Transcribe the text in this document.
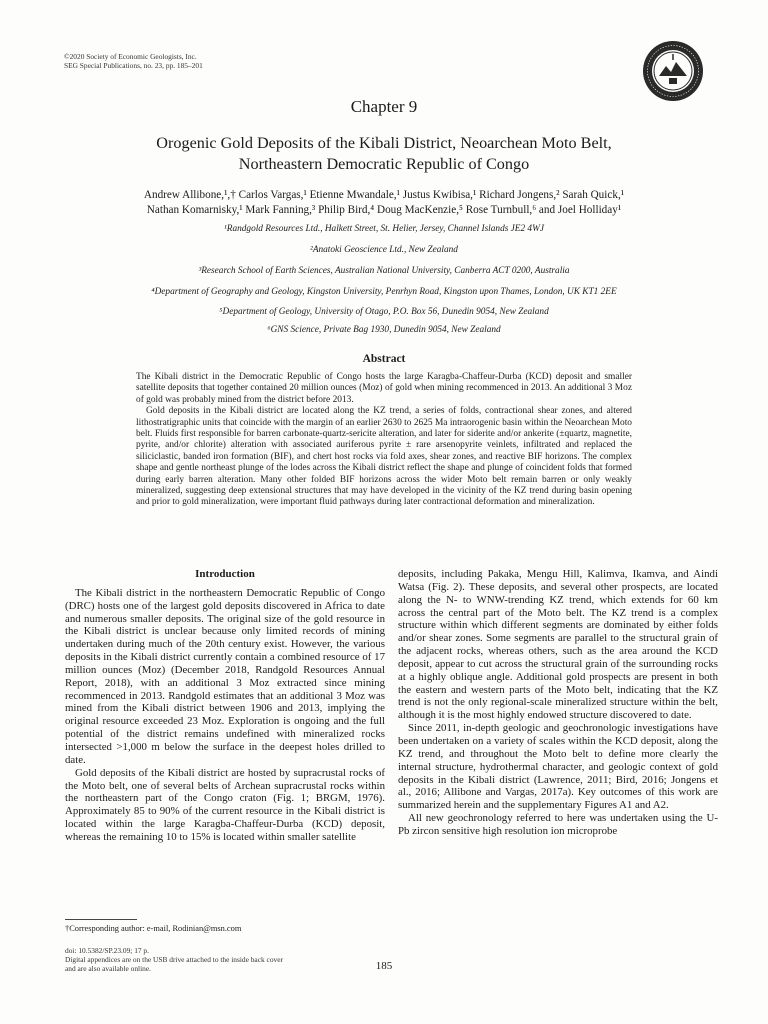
©2020 Society of Economic Geologists, Inc.
SEG Special Publications, no. 23, pp. 185–201
Chapter 9
Orogenic Gold Deposits of the Kibali District, Neoarchean Moto Belt,
Northeastern Democratic Republic of Congo
Andrew Allibone,¹,† Carlos Vargas,¹ Etienne Mwandale,¹ Justus Kwibisa,¹ Richard Jongens,² Sarah Quick,¹
Nathan Komarnisky,¹ Mark Fanning,³ Philip Bird,⁴ Doug MacKenzie,⁵ Rose Turnbull,⁶ and Joel Holliday¹
¹Randgold Resources Ltd., Halkett Street, St. Helier, Jersey, Channel Islands JE2 4WJ
²Anatoki Geoscience Ltd., New Zealand
³Research School of Earth Sciences, Australian National University, Canberra ACT 0200, Australia
⁴Department of Geography and Geology, Kingston University, Penrhyn Road, Kingston upon Thames, London, UK KT1 2EE
⁵Department of Geology, University of Otago, P.O. Box 56, Dunedin 9054, New Zealand
⁶GNS Science, Private Bag 1930, Dunedin 9054, New Zealand
Abstract

The Kibali district in the Democratic Republic of Congo hosts the large Karagba-Chaffeur-Durba (KCD) deposit and smaller satellite deposits that together contained 20 million ounces (Moz) of gold when mining recommenced in 2013. An additional 3 Moz of gold was probably mined from the district before 2013.

Gold deposits in the Kibali district are located along the KZ trend, a series of folds, contractional shear zones, and altered lithostratigraphic units that coincide with the margin of an earlier 2630 to 2625 Ma intraorogenic basin within the Neoarchean Moto belt. Fluids first responsible for barren carbonate-quartz-sericite alteration, and later for siderite and/or ankerite (±quartz, magnetite, pyrite, and/or chlorite) alteration with associated auriferous pyrite ± rare arsenopyrite veinlets, infiltrated and replaced the siliciclastic, banded iron formation (BIF), and chert host rocks via fold axes, shear zones, and reactive BIF horizons. The complex shape and gentle northeast plunge of the lodes across the Kibali district reflect the shape and plunge of coincident folds that formed during early barren alteration. Many other folded BIF horizons across the wider Moto belt remain barren or only weakly mineralized, suggesting deep extensional structures that may have developed in the vicinity of the KZ trend during basin opening and prior to gold mineralization, were important fluid pathways during later contractional deformation and mineralization.

Introduction

The Kibali district in the northeastern Democratic Republic of Congo (DRC) hosts one of the largest gold deposits discovered in Africa to date and numerous smaller deposits. The original size of the gold resource in the Kibali district is unclear because only limited records of mining undertaken during much of the 20th century exist. However, the various deposits in the Kibali district currently contain a combined resource of 17 million ounces (Moz) (December 2018, Randgold Resources Annual Report, 2018), with an additional 3 Moz extracted since mining recommenced in 2013. Randgold estimates that an additional 3 Moz was mined from the Kibali district between 1906 and 2013, implying the original resource exceeded 23 Moz. Exploration is ongoing and the full potential of the district remains undefined with mineralized rocks intersected >1,000 m below the surface in the deepest holes drilled to date.

Gold deposits of the Kibali district are hosted by supracrustal rocks of the Moto belt, one of several belts of Archean supracrustal rocks within the northeastern part of the Congo craton (Fig. 1; BRGM, 1976). Approximately 85 to 90% of the current resource in the Kibali district is located within the large Karagba-Chaffeur-Durba (KCD) deposit, whereas the remaining 10 to 15% is located within smaller satellite

deposits, including Pakaka, Mengu Hill, Kalimva, Ikamva, and Aindi Watsa (Fig. 2). These deposits, and several other prospects, are located along the N- to WNW-trending KZ trend, which extends for 60 km across the central part of the Moto belt. The KZ trend is a complex structure within which different segments are dominated by either folds and/or shear zones. Some segments are parallel to the structural grain of the adjacent rocks, whereas others, such as the area around the KCD deposit, appear to cut across the structural grain of the surrounding rocks at a highly oblique angle. Additional gold prospects are present in both the eastern and western parts of the Moto belt, indicating that the KZ trend is not the only regional-scale mineralized structure within the belt, although it is the most highly endowed structure discovered to date.

Since 2011, in-depth geologic and geochronologic investigations have been undertaken on a variety of scales within the KCD deposit, along the KZ trend, and throughout the Moto belt to define more clearly the internal structure, hydrothermal character, and geologic context of gold deposits in the Kibali district (Lawrence, 2011; Bird, 2016; Jongens et al., 2016; Allibone and Vargas, 2017a). Key outcomes of this work are summarized herein and the supplementary Figures A1 and A2.

All new geochronology referred to here was undertaken using the U-Pb zircon sensitive high resolution ion microprobe

†Corresponding author: e-mail, Rodinian@msn.com
doi: 10.5382/SP.23.09; 17 p.
Digital appendices are on the USB drive attached to the inside back cover
and are also available online.	185
